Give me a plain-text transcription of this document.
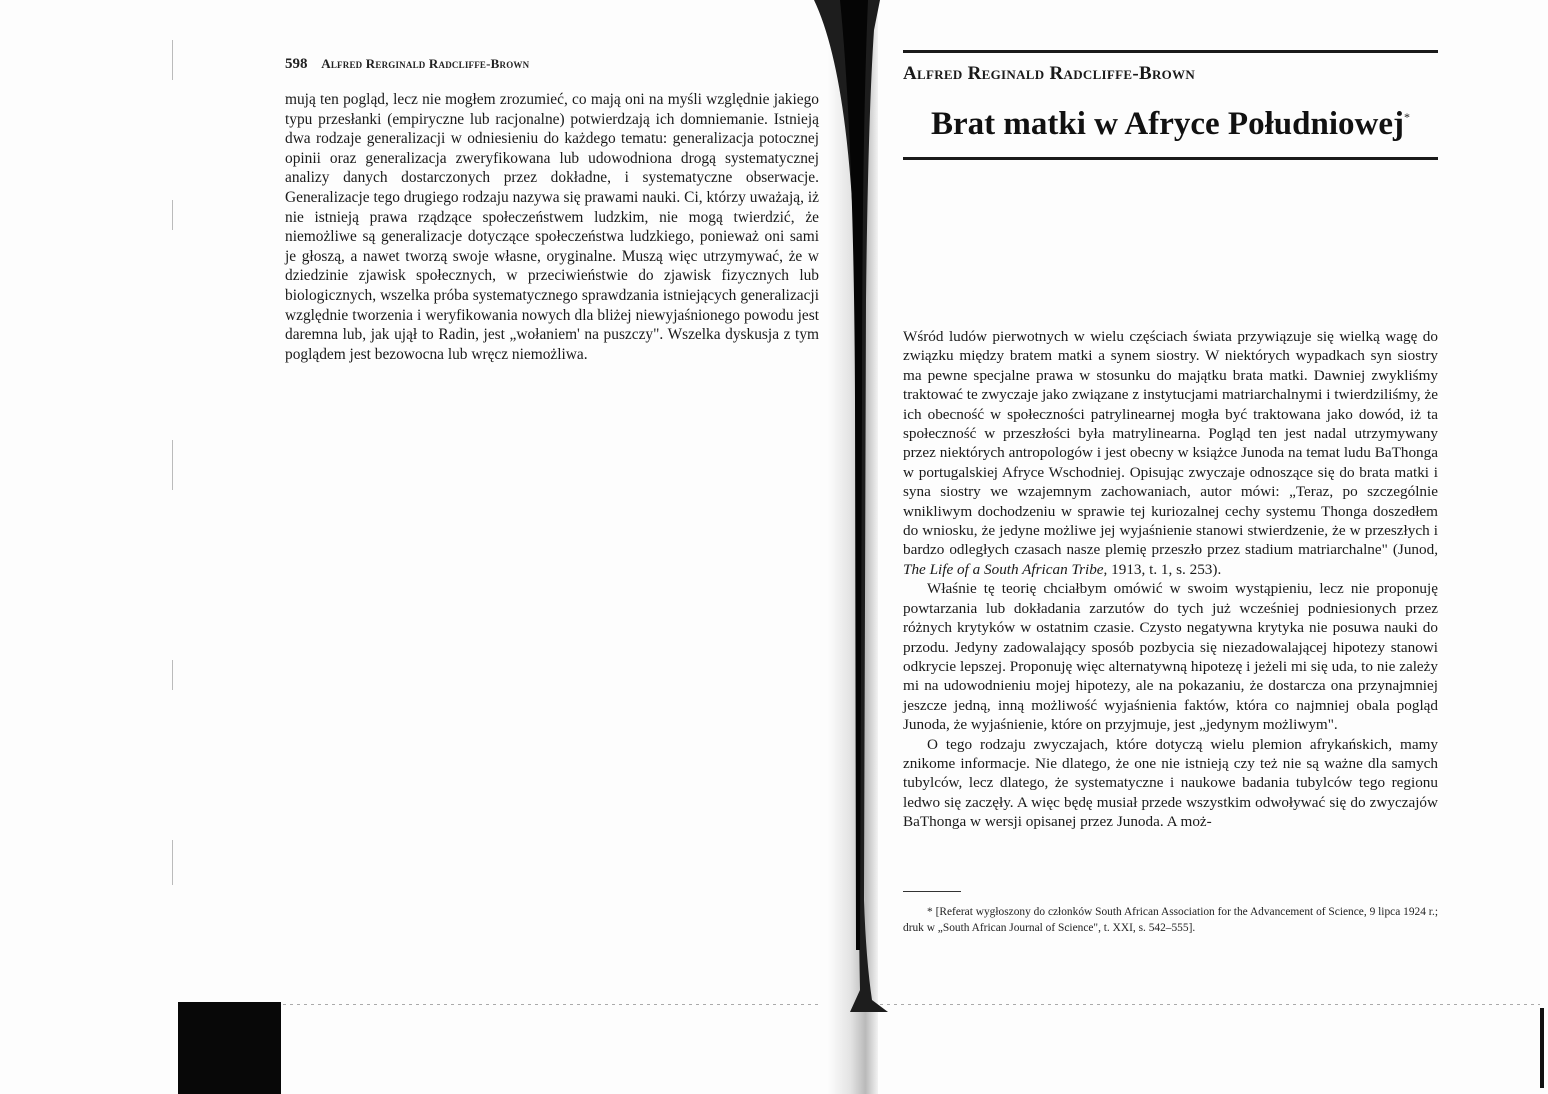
598 Alfred Rerginald Radcliffe-Brown
mują ten pogląd, lecz nie mogłem zrozumieć, co mają oni na myśli względnie jakiego typu przesłanki (empiryczne lub racjonalne) potwierdzają ich domniemanie. Istnieją dwa rodzaje generalizacji w odniesieniu do każdego tematu: generalizacja potocznej opinii oraz generalizacja zweryfikowana lub udowodniona drogą systematycznej analizy danych dostarczonych przez dokładne, i systematyczne obserwacje. Generalizacje tego drugiego rodzaju nazywa się prawami nauki. Ci, którzy uważają, iż nie istnieją prawa rządzące społeczeństwem ludzkim, nie mogą twierdzić, że niemożliwe są generalizacje dotyczące społeczeństwa ludzkiego, ponieważ oni sami je głoszą, a nawet tworzą swoje własne, oryginalne. Muszą więc utrzymywać, że w dziedzinie zjawisk społecznych, w przeciwieństwie do zjawisk fizycznych lub biologicznych, wszelka próba systematycznego sprawdzania istniejących generalizacji względnie tworzenia i weryfikowania nowych dla bliżej niewyjaśnionego powodu jest daremna lub, jak ujął to Radin, jest „wołaniem' na puszczy". Wszelka dyskusja z tym poglądem jest bezowocna lub wręcz niemożliwa.
Alfred Reginald Radcliffe-Brown
Brat matki w Afryce Południowej*

Wśród ludów pierwotnych w wielu częściach świata przywiązuje się wielką wagę do związku między bratem matki a synem siostry. W niektórych wypadkach syn siostry ma pewne specjalne prawa w stosunku do majątku brata matki. Dawniej zwykliśmy traktować te zwyczaje jako związane z instytucjami matriarchalnymi i twierdziliśmy, że ich obecność w społeczności patrylinearnej mogła być traktowana jako dowód, iż ta społeczność w przeszłości była matrylinearna. Pogląd ten jest nadal utrzymywany przez niektórych antropologów i jest obecny w książce Junoda na temat ludu BaThonga w portugalskiej Afryce Wschodniej. Opisując zwyczaje odnoszące się do brata matki i syna siostry we wzajemnym zachowaniach, autor mówi: „Teraz, po szczególnie wnikliwym dochodzeniu w sprawie tej kuriozalnej cechy systemu Thonga doszedłem do wniosku, że jedyne możliwe jej wyjaśnienie stanowi stwierdzenie, że w przeszłych i bardzo odległych czasach nasze plemię przeszło przez stadium matriarchalne" (Junod, The Life of a South African Tribe, 1913, t. 1, s. 253).

Właśnie tę teorię chciałbym omówić w swoim wystąpieniu, lecz nie proponuję powtarzania lub dokładania zarzutów do tych już wcześniej podniesionych przez różnych krytyków w ostatnim czasie. Czysto negatywna krytyka nie posuwa nauki do przodu. Jedyny zadowalający sposób pozbycia się niezadowalającej hipotezy stanowi odkrycie lepszej. Proponuję więc alternatywną hipotezę i jeżeli mi się uda, to nie zależy mi na udowodnieniu mojej hipotezy, ale na pokazaniu, że dostarcza ona przynajmniej jeszcze jedną, inną możliwość wyjaśnienia faktów, która co najmniej obala pogląd Junoda, że wyjaśnienie, które on przyjmuje, jest „jedynym możliwym".

O tego rodzaju zwyczajach, które dotyczą wielu plemion afrykańskich, mamy znikome informacje. Nie dlatego, że one nie istnieją czy też nie są ważne dla samych tubylców, lecz dlatego, że systematyczne i naukowe badania tubylców tego regionu ledwo się zaczęły. A więc będę musiał przede wszystkim odwoływać się do zwyczajów BaThonga w wersji opisanej przez Junoda. A moż-

* [Referat wygłoszony do członków South African Association for the Advancement of Science, 9 lipca 1924 r.; druk w „South African Journal of Science", t. XXI, s. 542–555].
